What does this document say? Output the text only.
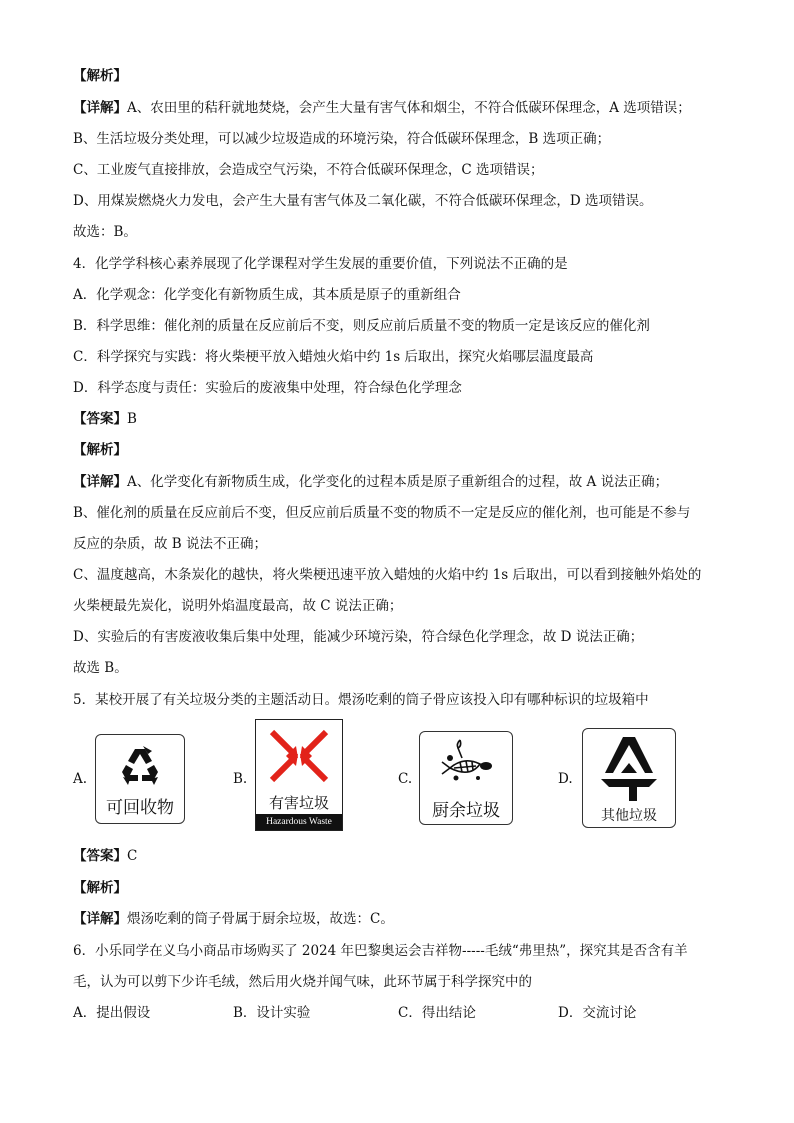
【解析】
【详解】A、农田里的秸秆就地焚烧，会产生大量有害气体和烟尘，不符合低碳环保理念，A 选项错误；
B、生活垃圾分类处理，可以减少垃圾造成的环境污染，符合低碳环保理念，B 选项正确；
C、工业废气直接排放，会造成空气污染，不符合低碳环保理念，C 选项错误；
D、用煤炭燃烧火力发电，会产生大量有害气体及二氧化碳，不符合低碳环保理念，D 选项错误。
故选：B。
4．化学学科核心素养展现了化学课程对学生发展的重要价值，下列说法不正确的是
A．化学观念：化学变化有新物质生成，其本质是原子的重新组合
B．科学思维：催化剂的质量在反应前后不变，则反应前后质量不变的物质一定是该反应的催化剂
C．科学探究与实践：将火柴梗平放入蜡烛火焰中约 1s 后取出，探究火焰哪层温度最高
D．科学态度与责任：实验后的废液集中处理，符合绿色化学理念
【答案】B
【解析】
【详解】A、化学变化有新物质生成，化学变化的过程本质是原子重新组合的过程，故 A 说法正确；
B、催化剂的质量在反应前后不变，但反应前后质量不变的物质不一定是反应的催化剂，也可能是不参与
反应的杂质，故 B 说法不正确；
C、温度越高，木条炭化的越快，将火柴梗迅速平放入蜡烛的火焰中约 1s 后取出，可以看到接触外焰处的
火柴梗最先炭化，说明外焰温度最高，故 C 说法正确；
D、实验后的有害废液收集后集中处理，能减少环境污染，符合绿色化学理念，故 D 说法正确；
故选 B。
5．某校开展了有关垃圾分类的主题活动日。煨汤吃剩的筒子骨应该投入印有哪种标识的垃圾箱中
A.
可回收物
B.
有害垃圾
Hazardous Waste
C.
厨余垃圾
D.
其他垃圾
【答案】C
【解析】
【详解】煨汤吃剩的筒子骨属于厨余垃圾，故选：C。
6．小乐同学在义乌小商品市场购买了 2024 年巴黎奥运会吉祥物-----毛绒“弗里热”，探究其是否含有羊
毛，认为可以剪下少许毛绒，然后用火烧并闻气味，此环节属于科学探究中的
A．提出假设	B．设计实验	C．得出结论	D．交流讨论
